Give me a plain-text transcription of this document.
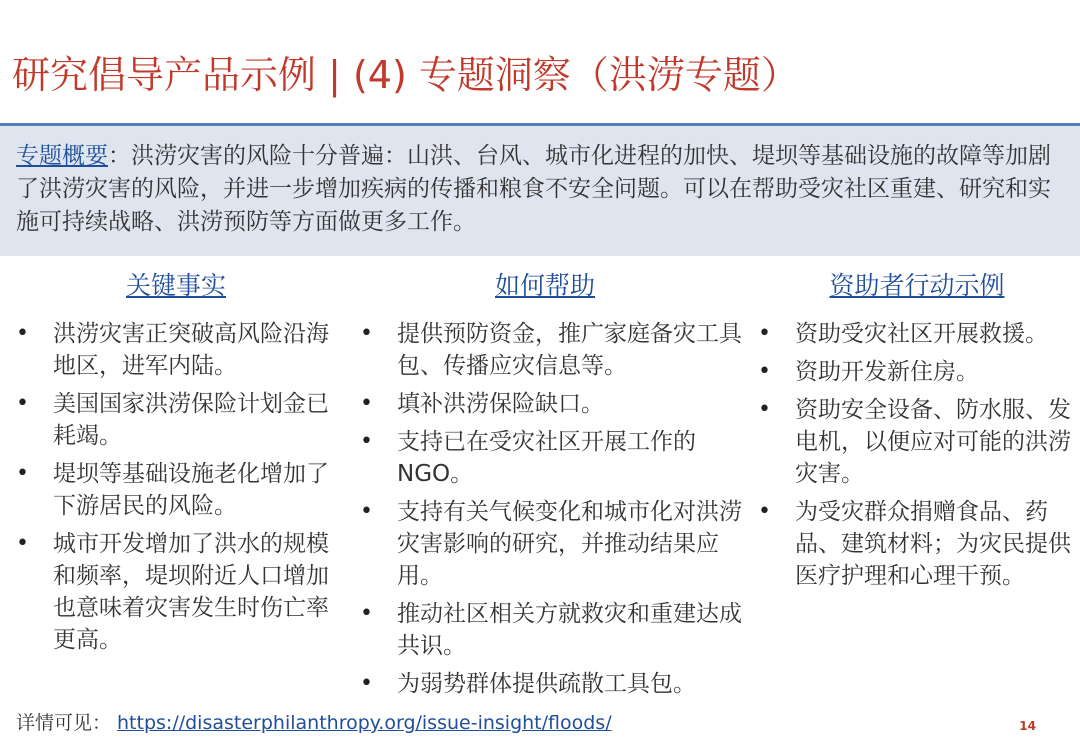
研究倡导产品示例 | (4) 专题洞察（洪涝专题）
专题概要：洪涝灾害的风险十分普遍：山洪、台风、城市化进程的加快、堤坝等基础设施的故障等加剧了洪涝灾害的风险，并进一步增加疾病的传播和粮食不安全问题。可以在帮助受灾社区重建、研究和实施可持续战略、洪涝预防等方面做更多工作。
关键事实
•	洪涝灾害正突破高风险沿海地区，进军内陆。
•	美国国家洪涝保险计划金已耗竭。
•	堤坝等基础设施老化增加了下游居民的风险。
•	城市开发增加了洪水的规模和频率，堤坝附近人口增加也意味着灾害发生时伤亡率更高。
如何帮助
•	提供预防资金，推广家庭备灾工具包、传播应灾信息等。
•	填补洪涝保险缺口。
•	支持已在受灾社区开展工作的NGO。
•	支持有关气候变化和城市化对洪涝灾害影响的研究，并推动结果应用。
•	推动社区相关方就救灾和重建达成共识。
•	为弱势群体提供疏散工具包。
资助者行动示例
•	资助受灾社区开展救援。
•	资助开发新住房。
•	资助安全设备、防水服、发电机，以便应对可能的洪涝灾害。
•	为受灾群众捐赠食品、药品、建筑材料；为灾民提供医疗护理和心理干预。
详情可见： https://disasterphilanthropy.org/issue-insight/floods/	14
